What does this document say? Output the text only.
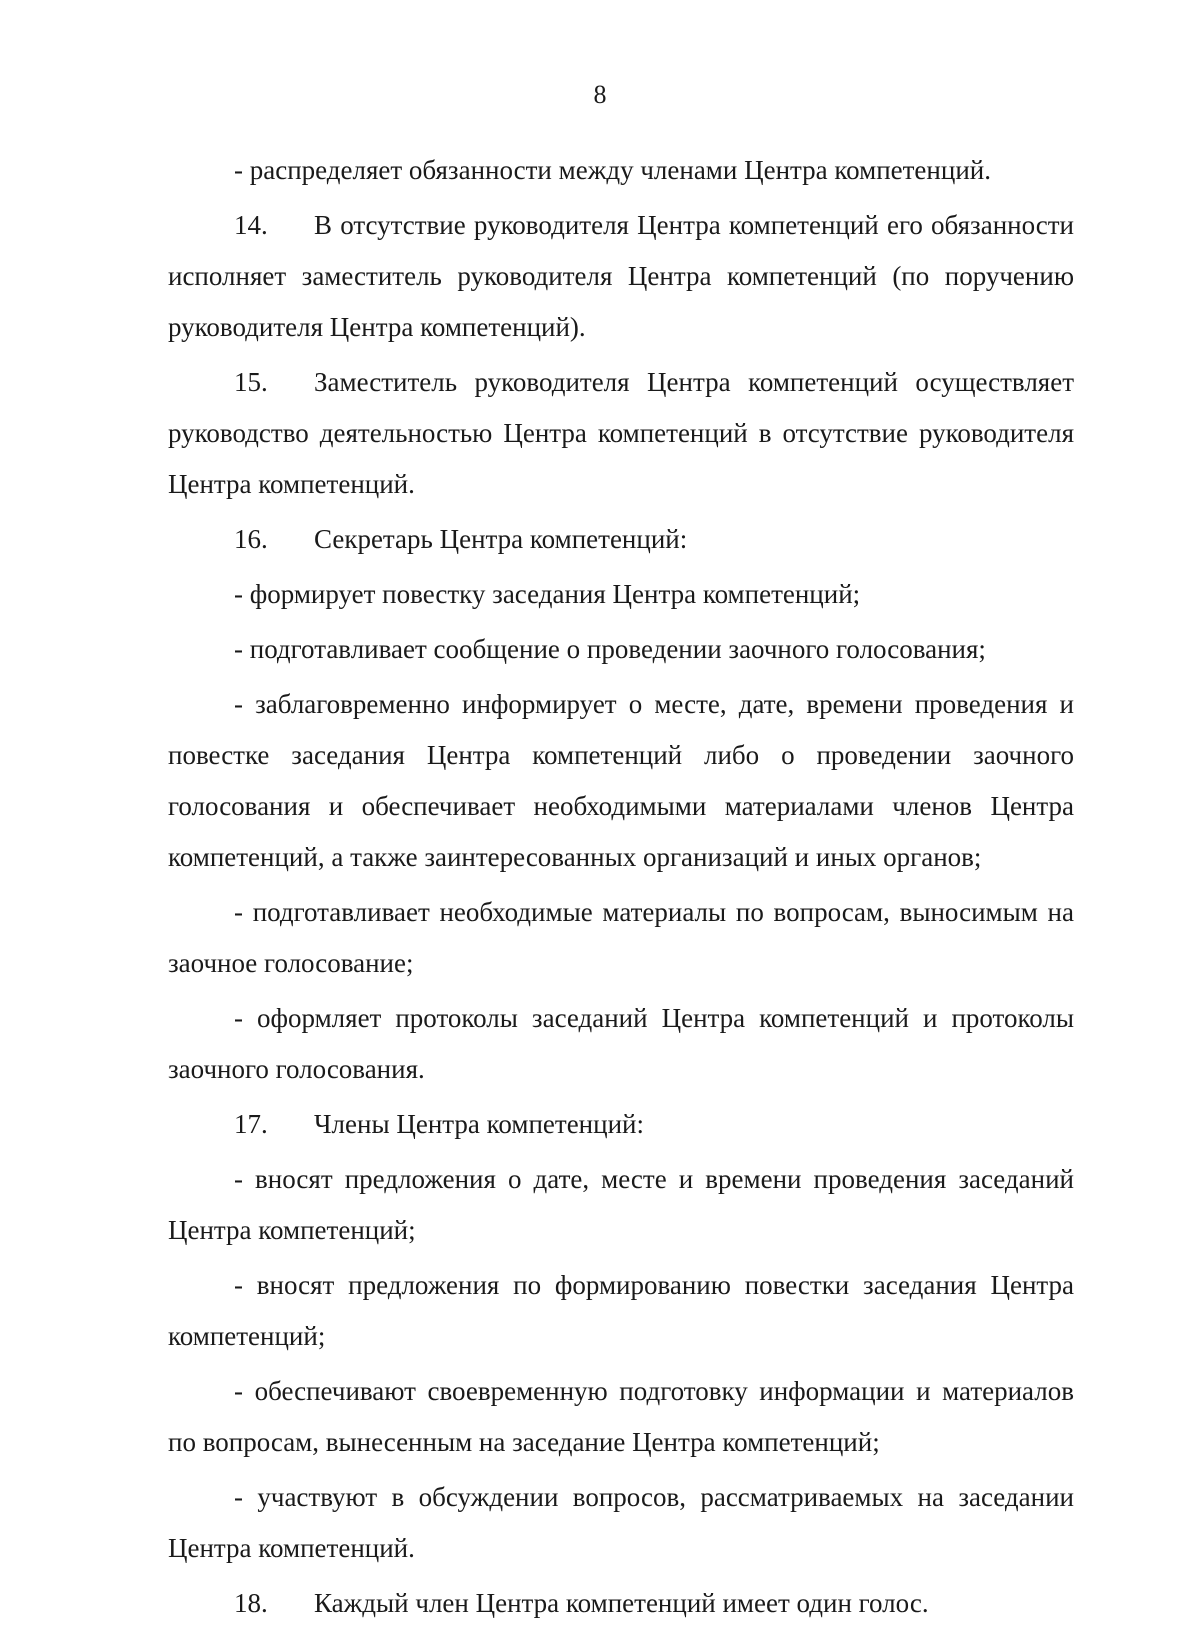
8

- распределяет обязанности между членами Центра компетенций.

14. В отсутствие руководителя Центра компетенций его обязанности исполняет заместитель руководителя Центра компетенций (по поручению руководителя Центра компетенций).

15. Заместитель руководителя Центра компетенций осуществляет руководство деятельностью Центра компетенций в отсутствие руководителя Центра компетенций.

16. Секретарь Центра компетенций:

- формирует повестку заседания Центра компетенций;

- подготавливает сообщение о проведении заочного голосования;

- заблаговременно информирует о месте, дате, времени проведения и повестке заседания Центра компетенций либо о проведении заочного голосования и обеспечивает необходимыми материалами членов Центра компетенций, а также заинтересованных организаций и иных органов;

- подготавливает необходимые материалы по вопросам, выносимым на заочное голосование;

- оформляет протоколы заседаний Центра компетенций и протоколы заочного голосования.

17. Члены Центра компетенций:

- вносят предложения о дате, месте и времени проведения заседаний Центра компетенций;

- вносят предложения по формированию повестки заседания Центра компетенций;

- обеспечивают своевременную подготовку информации и материалов по вопросам, вынесенным на заседание Центра компетенций;

- участвуют в обсуждении вопросов, рассматриваемых на заседании Центра компетенций.

18. Каждый член Центра компетенций имеет один голос.
